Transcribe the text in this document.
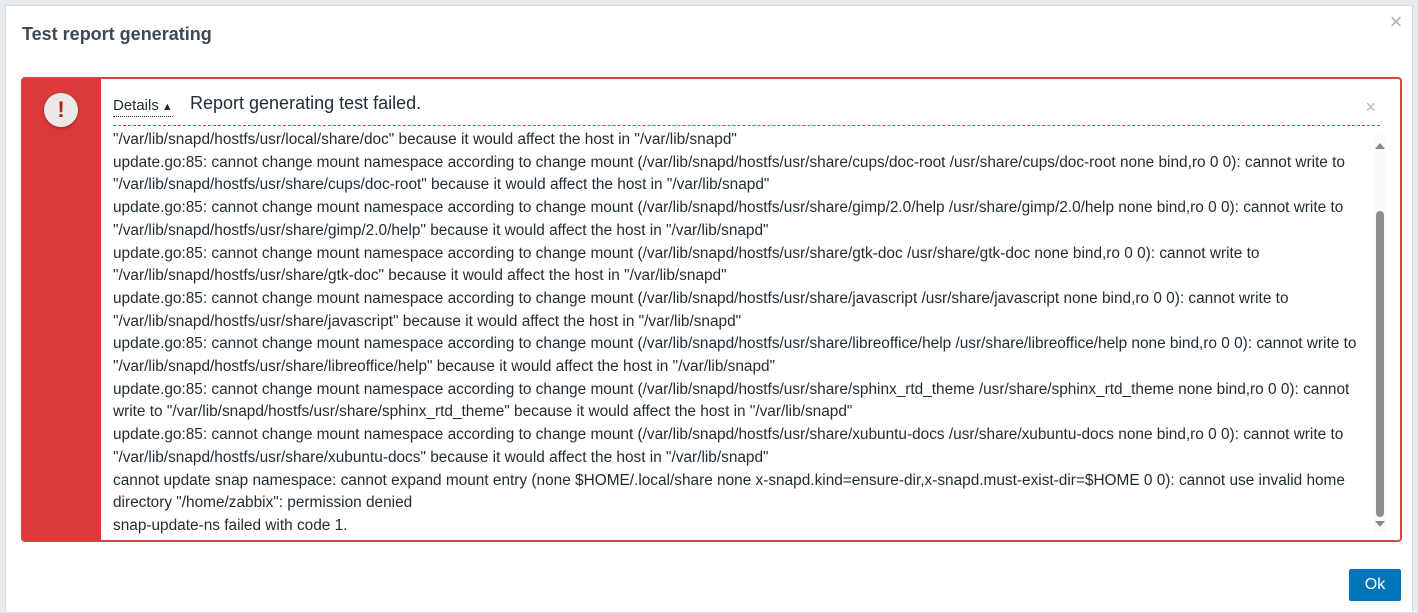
Test report generating	×
!	Details ▲ Report generating test failed.	×
"/var/lib/snapd/hostfs/usr/local/share/doc" because it would affect the host in "/var/lib/snapd"
update.go:85: cannot change mount namespace according to change mount (/var/lib/snapd/hostfs/usr/share/cups/doc-root /usr/share/cups/doc-root none bind,ro 0 0): cannot write to "/var/lib/snapd/hostfs/usr/share/cups/doc-root" because it would affect the host in "/var/lib/snapd"
update.go:85: cannot change mount namespace according to change mount (/var/lib/snapd/hostfs/usr/share/gimp/2.0/help /usr/share/gimp/2.0/help none bind,ro 0 0): cannot write to "/var/lib/snapd/hostfs/usr/share/gimp/2.0/help" because it would affect the host in "/var/lib/snapd"
update.go:85: cannot change mount namespace according to change mount (/var/lib/snapd/hostfs/usr/share/gtk-doc /usr/share/gtk-doc none bind,ro 0 0): cannot write to "/var/lib/snapd/hostfs/usr/share/gtk-doc" because it would affect the host in "/var/lib/snapd"
update.go:85: cannot change mount namespace according to change mount (/var/lib/snapd/hostfs/usr/share/javascript /usr/share/javascript none bind,ro 0 0): cannot write to "/var/lib/snapd/hostfs/usr/share/javascript" because it would affect the host in "/var/lib/snapd"
update.go:85: cannot change mount namespace according to change mount (/var/lib/snapd/hostfs/usr/share/libreoffice/help /usr/share/libreoffice/help none bind,ro 0 0): cannot write to "/var/lib/snapd/hostfs/usr/share/libreoffice/help" because it would affect the host in "/var/lib/snapd"
update.go:85: cannot change mount namespace according to change mount (/var/lib/snapd/hostfs/usr/share/sphinx_rtd_theme /usr/share/sphinx_rtd_theme none bind,ro 0 0): cannot write to "/var/lib/snapd/hostfs/usr/share/sphinx_rtd_theme" because it would affect the host in "/var/lib/snapd"
update.go:85: cannot change mount namespace according to change mount (/var/lib/snapd/hostfs/usr/share/xubuntu-docs /usr/share/xubuntu-docs none bind,ro 0 0): cannot write to "/var/lib/snapd/hostfs/usr/share/xubuntu-docs" because it would affect the host in "/var/lib/snapd"
cannot update snap namespace: cannot expand mount entry (none $HOME/.local/share none x-snapd.kind=ensure-dir,x-snapd.must-exist-dir=$HOME 0 0): cannot use invalid home directory "/home/zabbix": permission denied
snap-update-ns failed with code 1.
Ok
